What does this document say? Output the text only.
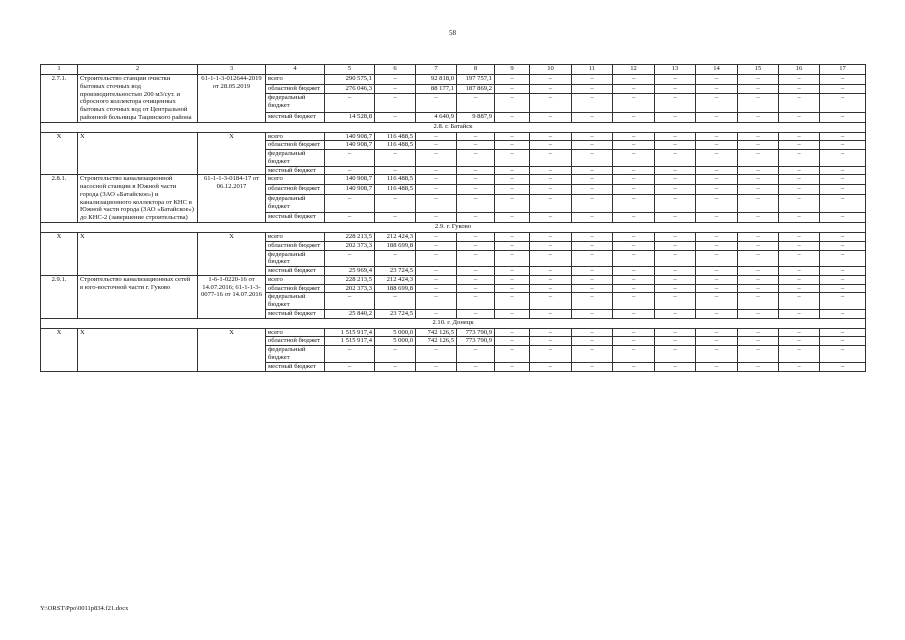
58
1	2	3	4	5	6	7	8	9	10	11	12	13	14	15	16	17
2.7.1.	Строительство станции очистки бытовых сточных вод производительностью 200 м3/сут. и сбросного коллектора очищенных бытовых сточных вод от Центральной районной больницы Тацинского района	61-1-1-3-012644-2019 от 28.05.2019	всего	290 575,1	–	92 818,0	197 757,1	–	–	–	–	–	–	–	–	–
			областной бюджет	276 046,3	–	88 177,1	187 869,2	–	–	–	–	–	–	–	–	–
			федеральный бюджет	–	–	–	–	–	–	–	–	–	–	–	–	–
			местный бюджет	14 528,8	–	4 640,9	9 887,9	–	–	–	–	–	–	–	–	–
2.8. г. Батайск																
Х	Х	Х	всего	140 908,7	116 488,5	–	–	–	–	–	–	–	–	–	–	–
			областной бюджет	140 908,7	116 488,5	–	–	–	–	–	–	–	–	–	–	–
			федеральный бюджет	–	–	–	–	–	–	–	–	–	–	–	–	–
			местный бюджет	–	–	–	–	–	–	–	–	–	–	–	–	–
2.8.1.	Строительство канализационной насосной станции в Южной части города (ЗАО «Батайское») и канализационного коллектора от КНС в Южной части города (ЗАО «Батайское») до КНС-2 (завершение строительства)	61-1-1-3-0184-17 от 06.12.2017	всего	140 908,7	116 488,5	–	–	–	–	–	–	–	–	–	–	–
			областной бюджет	140 908,7	116 488,5	–	–	–	–	–	–	–	–	–	–	–
			федеральный бюджет	–	–	–	–	–	–	–	–	–	–	–	–	–
			местный бюджет	–	–	–	–	–	–	–	–	–	–	–	–	–
2.9. г. Гуково																
Х	Х	Х	всего	228 213,5	212 424,3	–	–	–	–	–	–	–	–	–	–	–
			областной бюджет	202 373,3	188 699,8	–	–	–	–	–	–	–	–	–	–	–
			федеральный бюджет	–	–	–	–	–	–	–	–	–	–	–	–	–
			местный бюджет	25 969,4	23 724,5	–	–	–	–	–	–	–	–	–	–	–
2.9.1.	Строительство канализационных сетей в юго-восточной части г. Гуково	1-6-1-0220-16 от 14.07.2016; 61-1-1-3-0077-16 от 14.07.2016	всего	228 213,5	212 424,3	–	–	–	–	–	–	–	–	–	–	–
			областной бюджет	202 373,3	188 699,8	–	–	–	–	–	–	–	–	–	–	–
			федеральный бюджет	–	–	–	–	–	–	–	–	–	–	–	–	–
			местный бюджет	25 840,2	23 724,5	–	–	–	–	–	–	–	–	–	–	–
2.10. г. Донецк																
Х	Х	Х	всего	1 515 917,4	5 000,0	742 126,5	773 790,9	–	–	–	–	–	–	–	–	–
			областной бюджет	1 515 917,4	5 000,0	742 126,5	773 790,9	–	–	–	–	–	–	–	–	–
			федеральный бюджет	–	–	–	–	–	–	–	–	–	–	–	–	–
			местный бюджет	–	–	–	–	–	–	–	–	–	–	–	–	–
Y:\ORST\Ppo\0011p834.f21.docx
